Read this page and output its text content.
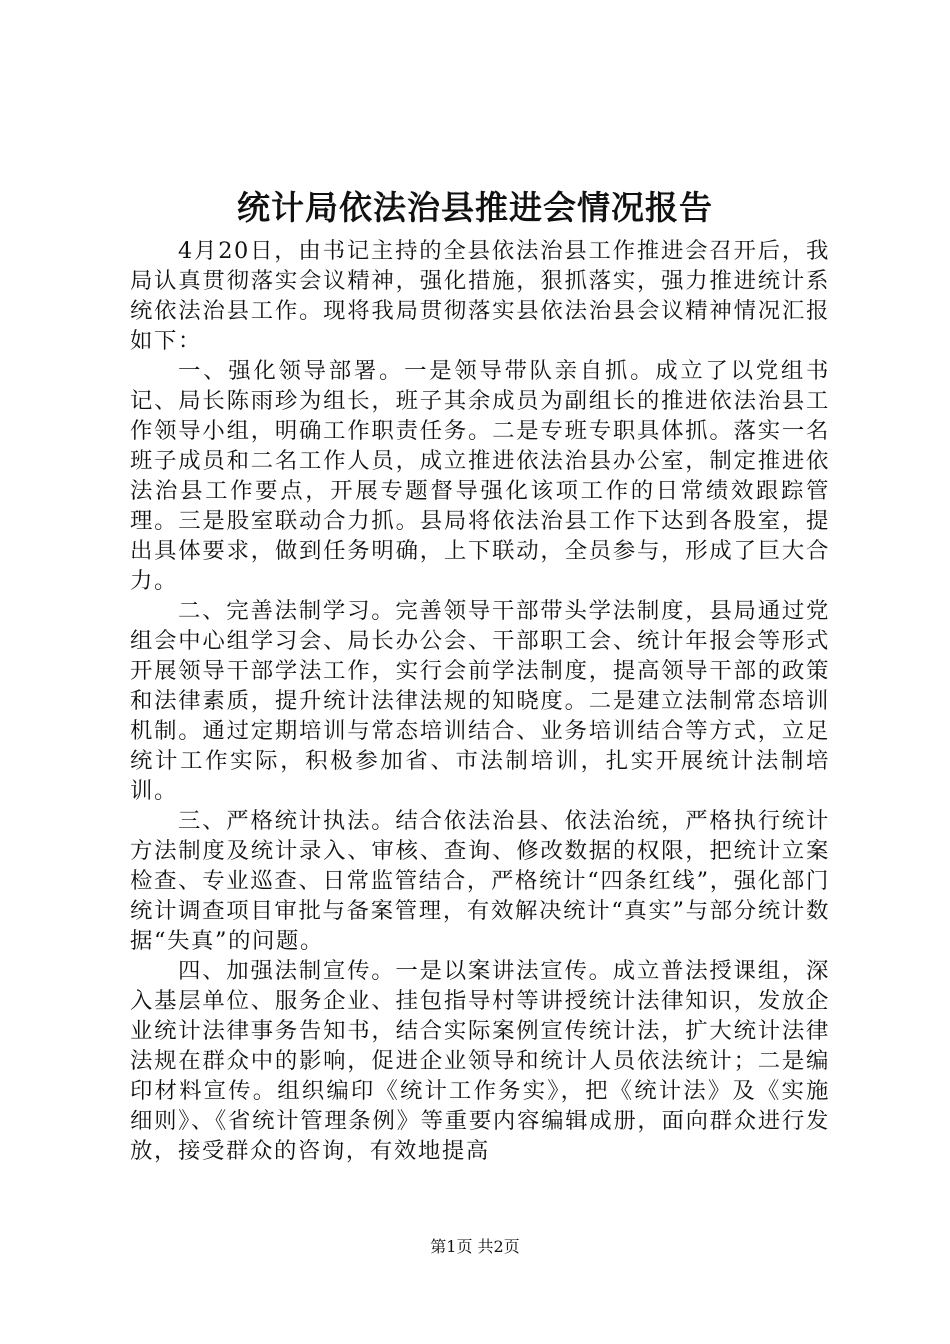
统计局依法治县推进会情况报告

4月20日，由书记主持的全县依法治县工作推进会召开后，我局认真贯彻落实会议精神，强化措施，狠抓落实，强力推进统计系统依法治县工作。现将我局贯彻落实县依法治县会议精神情况汇报如下：

一、强化领导部署。一是领导带队亲自抓。成立了以党组书记、局长陈雨珍为组长，班子其余成员为副组长的推进依法治县工作领导小组，明确工作职责任务。二是专班专职具体抓。落实一名班子成员和二名工作人员，成立推进依法治县办公室，制定推进依法治县工作要点，开展专题督导强化该项工作的日常绩效跟踪管理。三是股室联动合力抓。县局将依法治县工作下达到各股室，提出具体要求，做到任务明确，上下联动，全员参与，形成了巨大合力。

二、完善法制学习。完善领导干部带头学法制度，县局通过党组会中心组学习会、局长办公会、干部职工会、统计年报会等形式开展领导干部学法工作，实行会前学法制度，提高领导干部的政策和法律素质，提升统计法律法规的知晓度。二是建立法制常态培训机制。通过定期培训与常态培训结合、业务培训结合等方式，立足统计工作实际，积极参加省、市法制培训，扎实开展统计法制培训。

三、严格统计执法。结合依法治县、依法治统，严格执行统计方法制度及统计录入、审核、查询、修改数据的权限，把统计立案检查、专业巡查、日常监管结合，严格统计“四条红线”，强化部门统计调查项目审批与备案管理，有效解决统计“真实”与部分统计数据“失真”的问题。

四、加强法制宣传。一是以案讲法宣传。成立普法授课组，深入基层单位、服务企业、挂包指导村等讲授统计法律知识，发放企业统计法律事务告知书，结合实际案例宣传统计法，扩大统计法律法规在群众中的影响，促进企业领导和统计人员依法统计；二是编印材料宣传。组织编印《统计工作务实》，把《统计法》及《实施细则》、《省统计管理条例》等重要内容编辑成册，面向群众进行发放，接受群众的咨询，有效地提高

第1页 共2页
